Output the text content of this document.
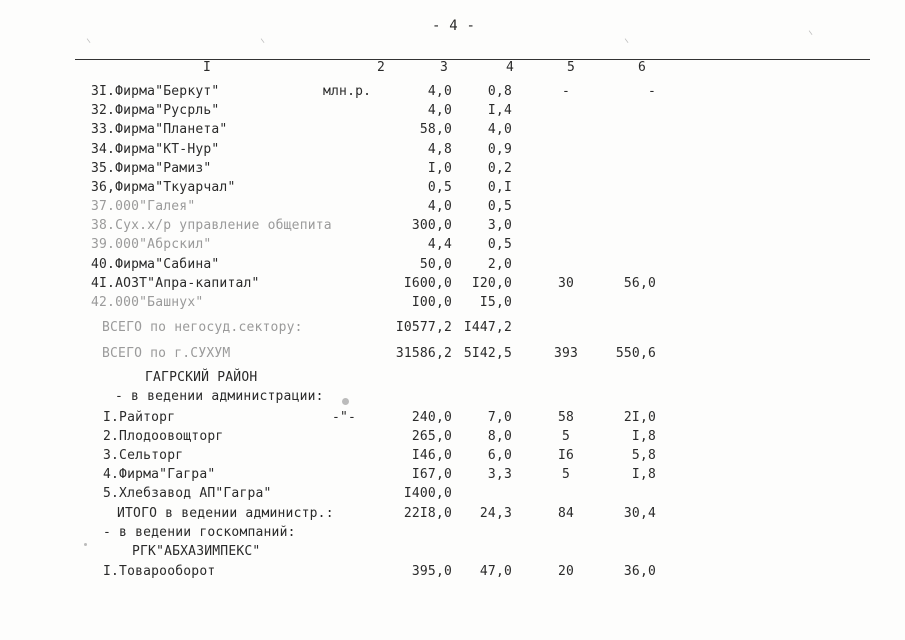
⸌	⸌	⸌
⸌
- 4 -
I	2	3	4	5	6
3I.Фирма"Беркут"	млн.р.	4,0	0,8	-	-
32.Фирма"Русрль"	4,0	I,4
33.Фирма"Планета"	58,0	4,0
34.Фирма"КТ-Нур"	4,8	0,9
35.Фирма"Рамиз"	I,0	0,2
36,Фирма"Ткуарчал"	0,5	0,I
37.000"Галея"	4,0	0,5
38.Сух.х/р управление общепита	300,0	3,0
39.000"Абрскил"	4,4	0,5
40.Фирма"Сабина"	50,0	2,0
4I.АОЗТ"Апра-капитал"	I600,0	I20,0	30	56,0
42.000"Башнух"	I00,0	I5,0
ВСЕГО по негосуд.сектору:	I0577,2 I447,2
ВСЕГО по г.СУХУМ	31586,2 5I42,5	393	550,6
ГАГРСКИЙ РАЙОН
- в ведении администрации:
I.Райторг	-"-	240,0	7,0	58	2I,0
2.Плодоовощторг	265,0	8,0	5	I,8
3.Сельторг	I46,0	6,0	I6	5,8
4.Фирма"Гагра"	I67,0	3,3	5	I,8
5.Хлебзавод АП"Гагра"	I400,0
ИТОГО в ведении администр.:	22I8,0	24,3	84	30,4
- в ведении госкомпаний:
РГК"АБХАЗИМПЕКС"
I.Товарооборот	395,0	47,0	20	36,0
